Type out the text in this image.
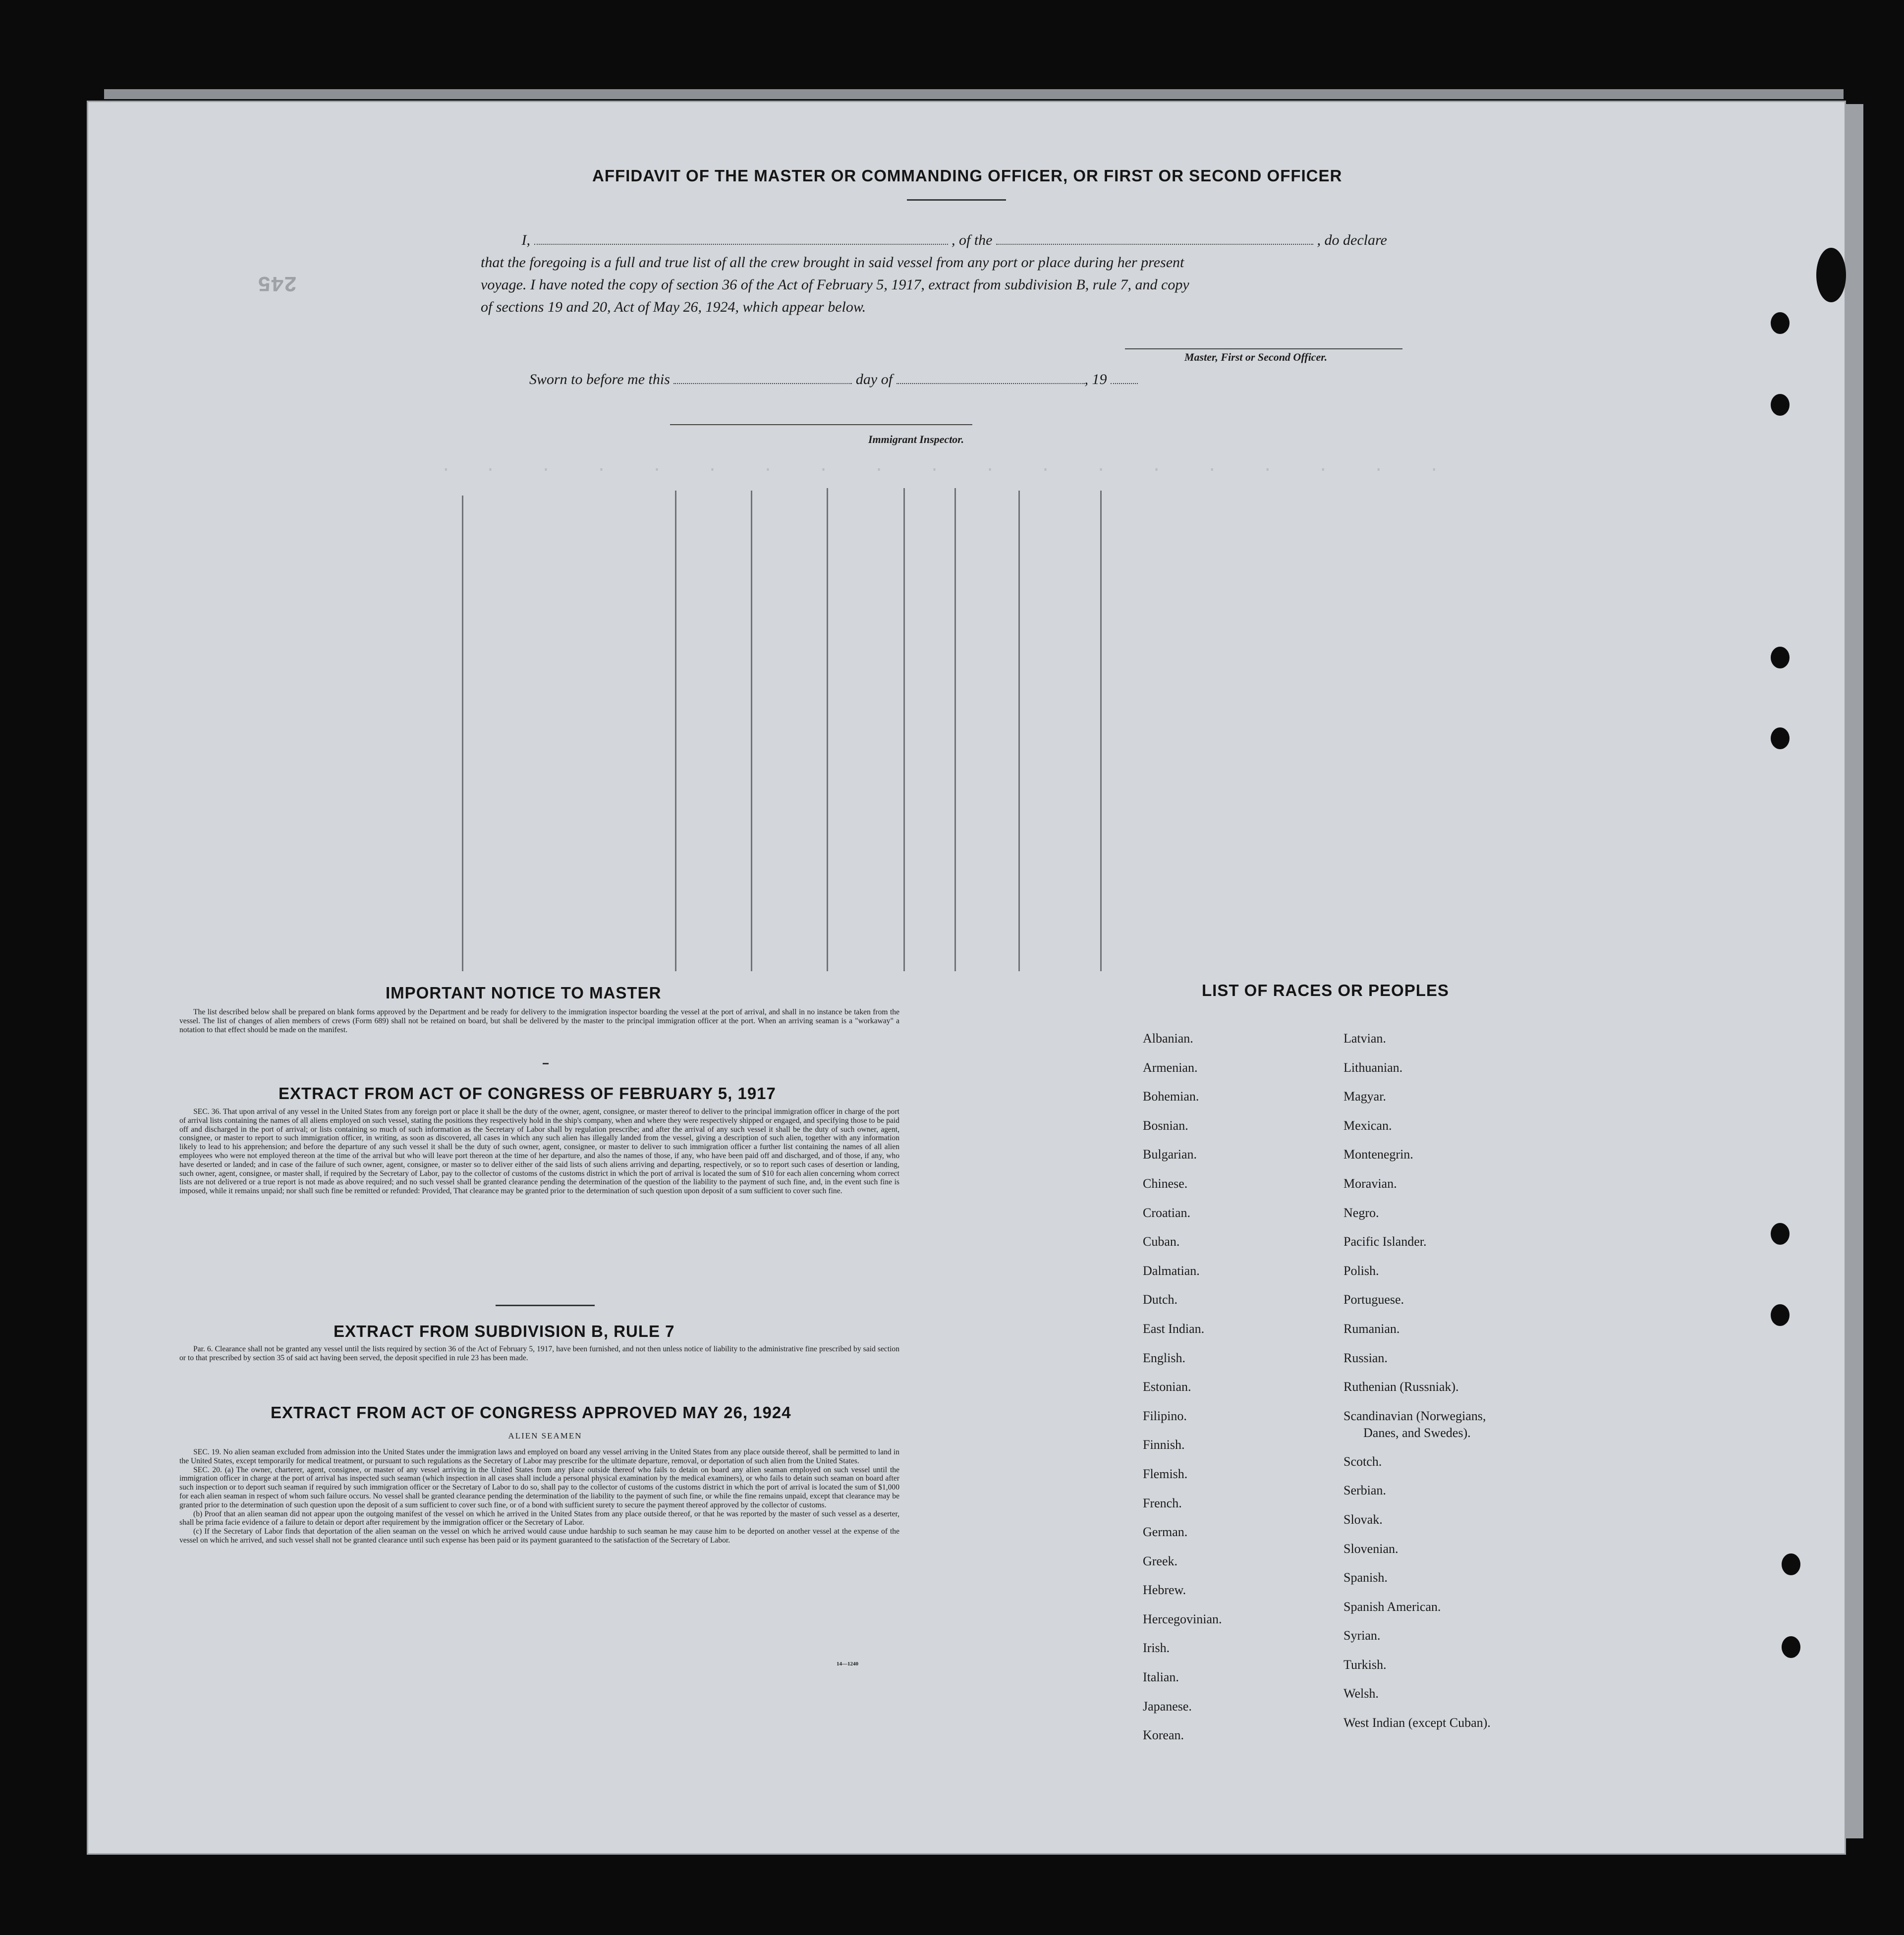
·   ·    ·    ·    ·    ·    ·    ·    ·    ·    ·    ·    ·    ·    ·    ·    ·    ·    ·
245
AFFIDAVIT OF THE MASTER OR COMMANDING OFFICER, OR FIRST OR SECOND OFFICER
I,	, of the	, do declare
that the foregoing is a full and true list of all the crew brought in said vessel from any port or place during her present
voyage. I have noted the copy of section 36 of the Act of February 5, 1917, extract from subdivision B, rule 7, and copy
of sections 19 and 20, Act of May 26, 1924, which appear below.
Master, First or Second Officer.
Sworn to before me this	day of	, 19
Immigrant Inspector.
IMPORTANT NOTICE TO MASTER

The list described below shall be prepared on blank forms approved by the Department and be ready for delivery to the immigration inspector boarding the vessel at the port of arrival, and shall in no instance be taken from the vessel. The list of changes of alien members of crews (Form 689) shall not be retained on board, but shall be delivered by the master to the principal immigration officer at the port. When an arriving seaman is a "workaway" a notation to that effect should be made on the manifest.

EXTRACT FROM ACT OF CONGRESS OF FEBRUARY 5, 1917

SEC. 36. That upon arrival of any vessel in the United States from any foreign port or place it shall be the duty of the owner, agent, consignee, or master thereof to deliver to the principal immigration officer in charge of the port of arrival lists containing the names of all aliens employed on such vessel, stating the positions they respectively hold in the ship's company, when and where they were respectively shipped or engaged, and specifying those to be paid off and discharged in the port of arrival; or lists containing so much of such information as the Secretary of Labor shall by regulation prescribe; and after the arrival of any such vessel it shall be the duty of such owner, agent, consignee, or master to report to such immigration officer, in writing, as soon as discovered, all cases in which any such alien has illegally landed from the vessel, giving a description of such alien, together with any information likely to lead to his apprehension; and before the departure of any such vessel it shall be the duty of such owner, agent, consignee, or master to deliver to such immigration officer a further list containing the names of all alien employees who were not employed thereon at the time of the arrival but who will leave port thereon at the time of her departure, and also the names of those, if any, who have been paid off and discharged, and of those, if any, who have deserted or landed; and in case of the failure of such owner, agent, consignee, or master so to deliver either of the said lists of such aliens arriving and departing, respectively, or so to report such cases of desertion or landing, such owner, agent, consignee, or master shall, if required by the Secretary of Labor, pay to the collector of customs of the customs district in which the port of arrival is located the sum of $10 for each alien concerning whom correct lists are not delivered or a true report is not made as above required; and no such vessel shall be granted clearance pending the determination of the question of the liability to the payment of such fine, and, in the event such fine is imposed, while it remains unpaid; nor shall such fine be remitted or refunded: Provided, That clearance may be granted prior to the determination of such question upon deposit of a sum sufficient to cover such fine.

EXTRACT FROM SUBDIVISION B, RULE 7

Par. 6. Clearance shall not be granted any vessel until the lists required by section 36 of the Act of February 5, 1917, have been furnished, and not then unless notice of liability to the administrative fine prescribed by said section or to that prescribed by section 35 of said act having been served, the deposit specified in rule 23 has been made.

EXTRACT FROM ACT OF CONGRESS APPROVED MAY 26, 1924
ALIEN SEAMEN

SEC. 19. No alien seaman excluded from admission into the United States under the immigration laws and employed on board any vessel arriving in the United States from any place outside thereof, shall be permitted to land in the United States, except temporarily for medical treatment, or pursuant to such regulations as the Secretary of Labor may prescribe for the ultimate departure, removal, or deportation of such alien from the United States.

SEC. 20. (a) The owner, charterer, agent, consignee, or master of any vessel arriving in the United States from any place outside thereof who fails to detain on board any alien seaman employed on such vessel until the immigration officer in charge at the port of arrival has inspected such seaman (which inspection in all cases shall include a personal physical examination by the medical examiners), or who fails to detain such seaman on board after such inspection or to deport such seaman if required by such immigration officer or the Secretary of Labor to do so, shall pay to the collector of customs of the customs district in which the port of arrival is located the sum of $1,000 for each alien seaman in respect of whom such failure occurs. No vessel shall be granted clearance pending the determination of the liability to the payment of such fine, or while the fine remains unpaid, except that clearance may be granted prior to the determination of such question upon the deposit of a sum sufficient to cover such fine, or of a bond with sufficient surety to secure the payment thereof approved by the collector of customs.

(b) Proof that an alien seaman did not appear upon the outgoing manifest of the vessel on which he arrived in the United States from any place outside thereof, or that he was reported by the master of such vessel as a deserter, shall be prima facie evidence of a failure to detain or deport after requirement by the immigration officer or the Secretary of Labor.

(c) If the Secretary of Labor finds that deportation of the alien seaman on the vessel on which he arrived would cause undue hardship to such seaman he may cause him to be deported on another vessel at the expense of the vessel on which he arrived, and such vessel shall not be granted clearance until such expense has been paid or its payment guaranteed to the satisfaction of the Secretary of Labor.

14—1240
LIST OF RACES OR PEOPLES
Albanian.
Armenian.
Bohemian.
Bosnian.
Bulgarian.
Chinese.
Croatian.
Cuban.
Dalmatian.
Dutch.
East Indian.
English.
Estonian.
Filipino.
Finnish.
Flemish.
French.
German.
Greek.
Hebrew.
Hercegovinian.
Irish.
Italian.
Japanese.
Korean.
Latvian.
Lithuanian.
Magyar.
Mexican.
Montenegrin.
Moravian.
Negro.
Pacific Islander.
Polish.
Portuguese.
Rumanian.
Russian.
Ruthenian (Russniak).
Scandinavian (Norwegians,
Danes, and Swedes).
Scotch.
Serbian.
Slovak.
Slovenian.
Spanish.
Spanish American.
Syrian.
Turkish.
Welsh.
West Indian (except Cuban).
